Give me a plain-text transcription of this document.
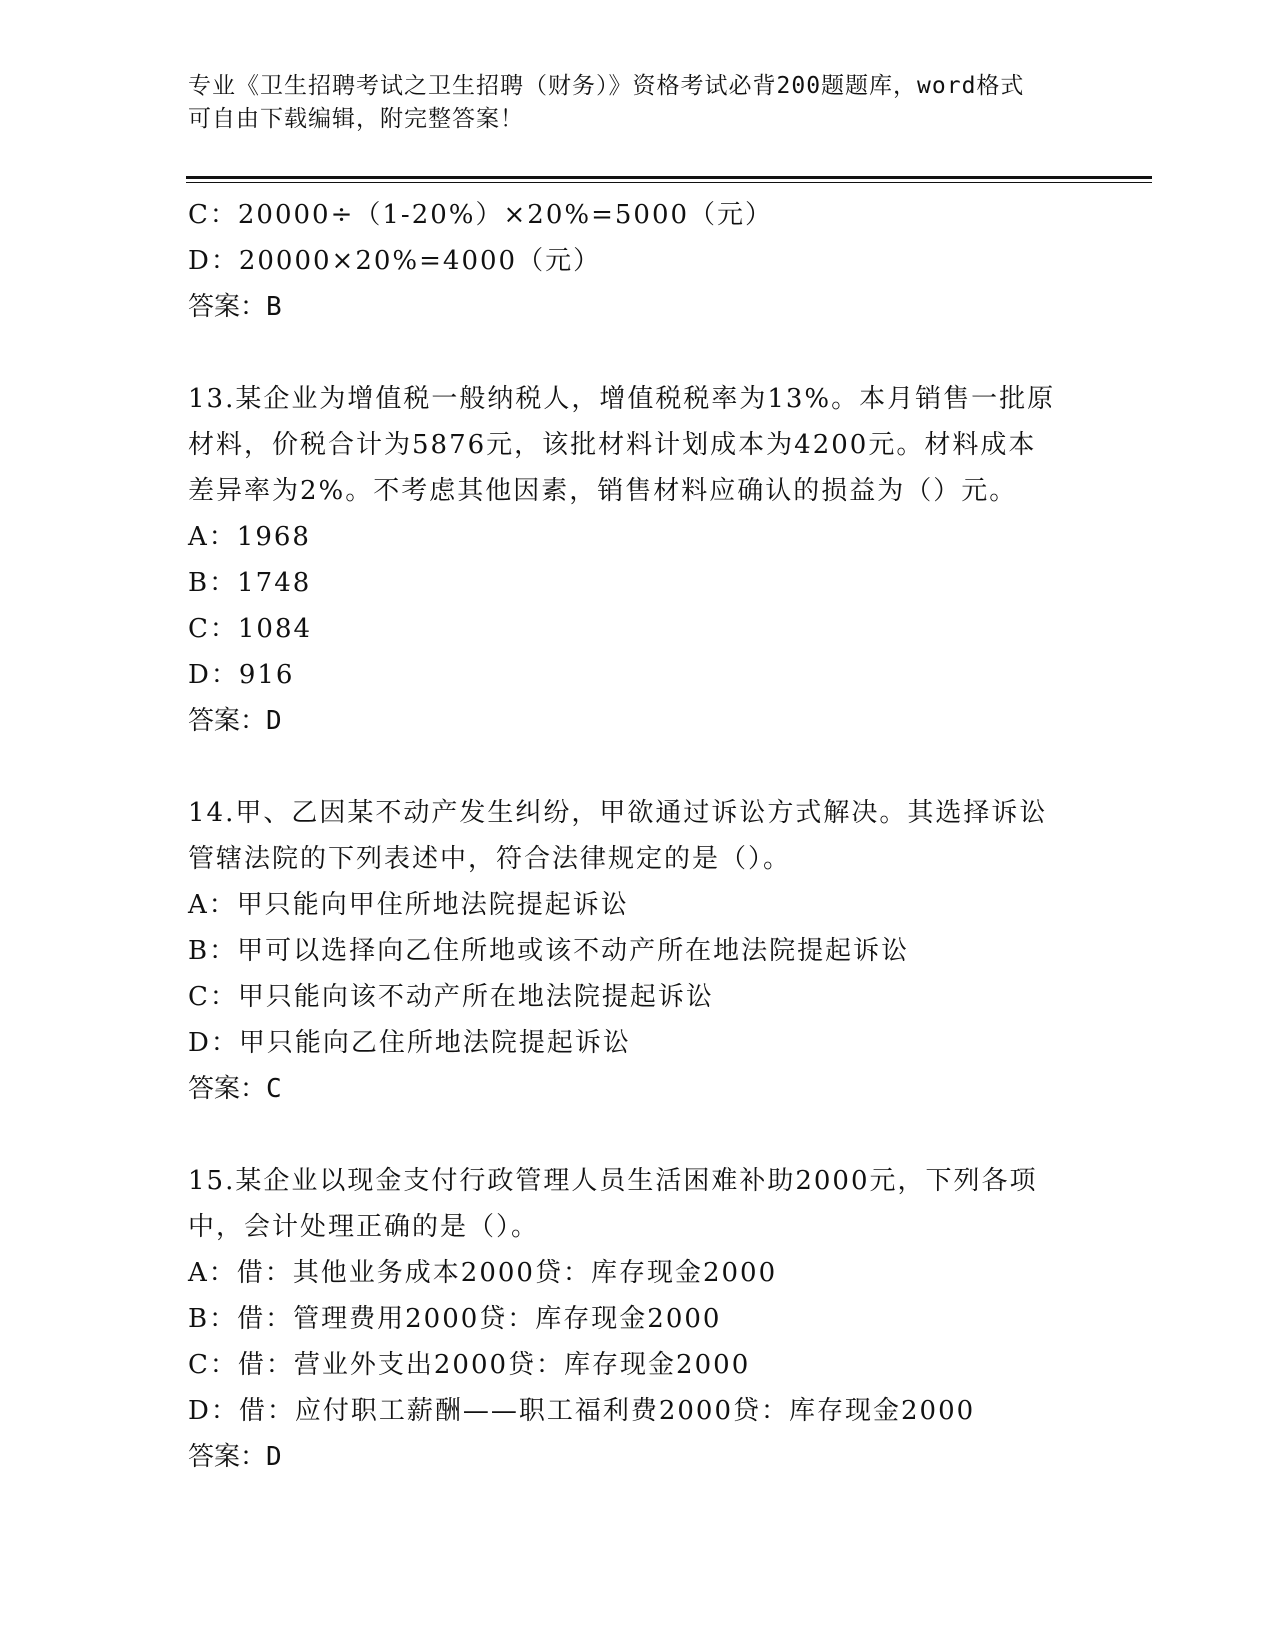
专业《卫生招聘考试之卫生招聘（财务）》资格考试必背200题题库，word格式
可自由下载编辑，附完整答案！
C：20000÷（1-20%）×20%=5000（元）
D：20000×20%=4000（元）
答案：B
13.某企业为增值税一般纳税人，增值税税率为13%。本月销售一批原
材料，价税合计为5876元，该批材料计划成本为4200元。材料成本
差异率为2%。不考虑其他因素，销售材料应确认的损益为（）元。
A：1968
B：1748
C：1084
D：916
答案：D
14.甲、乙因某不动产发生纠纷，甲欲通过诉讼方式解决。其选择诉讼
管辖法院的下列表述中，符合法律规定的是（）。
A：甲只能向甲住所地法院提起诉讼
B：甲可以选择向乙住所地或该不动产所在地法院提起诉讼
C：甲只能向该不动产所在地法院提起诉讼
D：甲只能向乙住所地法院提起诉讼
答案：C
15.某企业以现金支付行政管理人员生活困难补助2000元，下列各项
中，会计处理正确的是（）。
A：借：其他业务成本2000贷：库存现金2000
B：借：管理费用2000贷：库存现金2000
C：借：营业外支出2000贷：库存现金2000
D：借：应付职工薪酬——职工福利费2000贷：库存现金2000
答案：D
